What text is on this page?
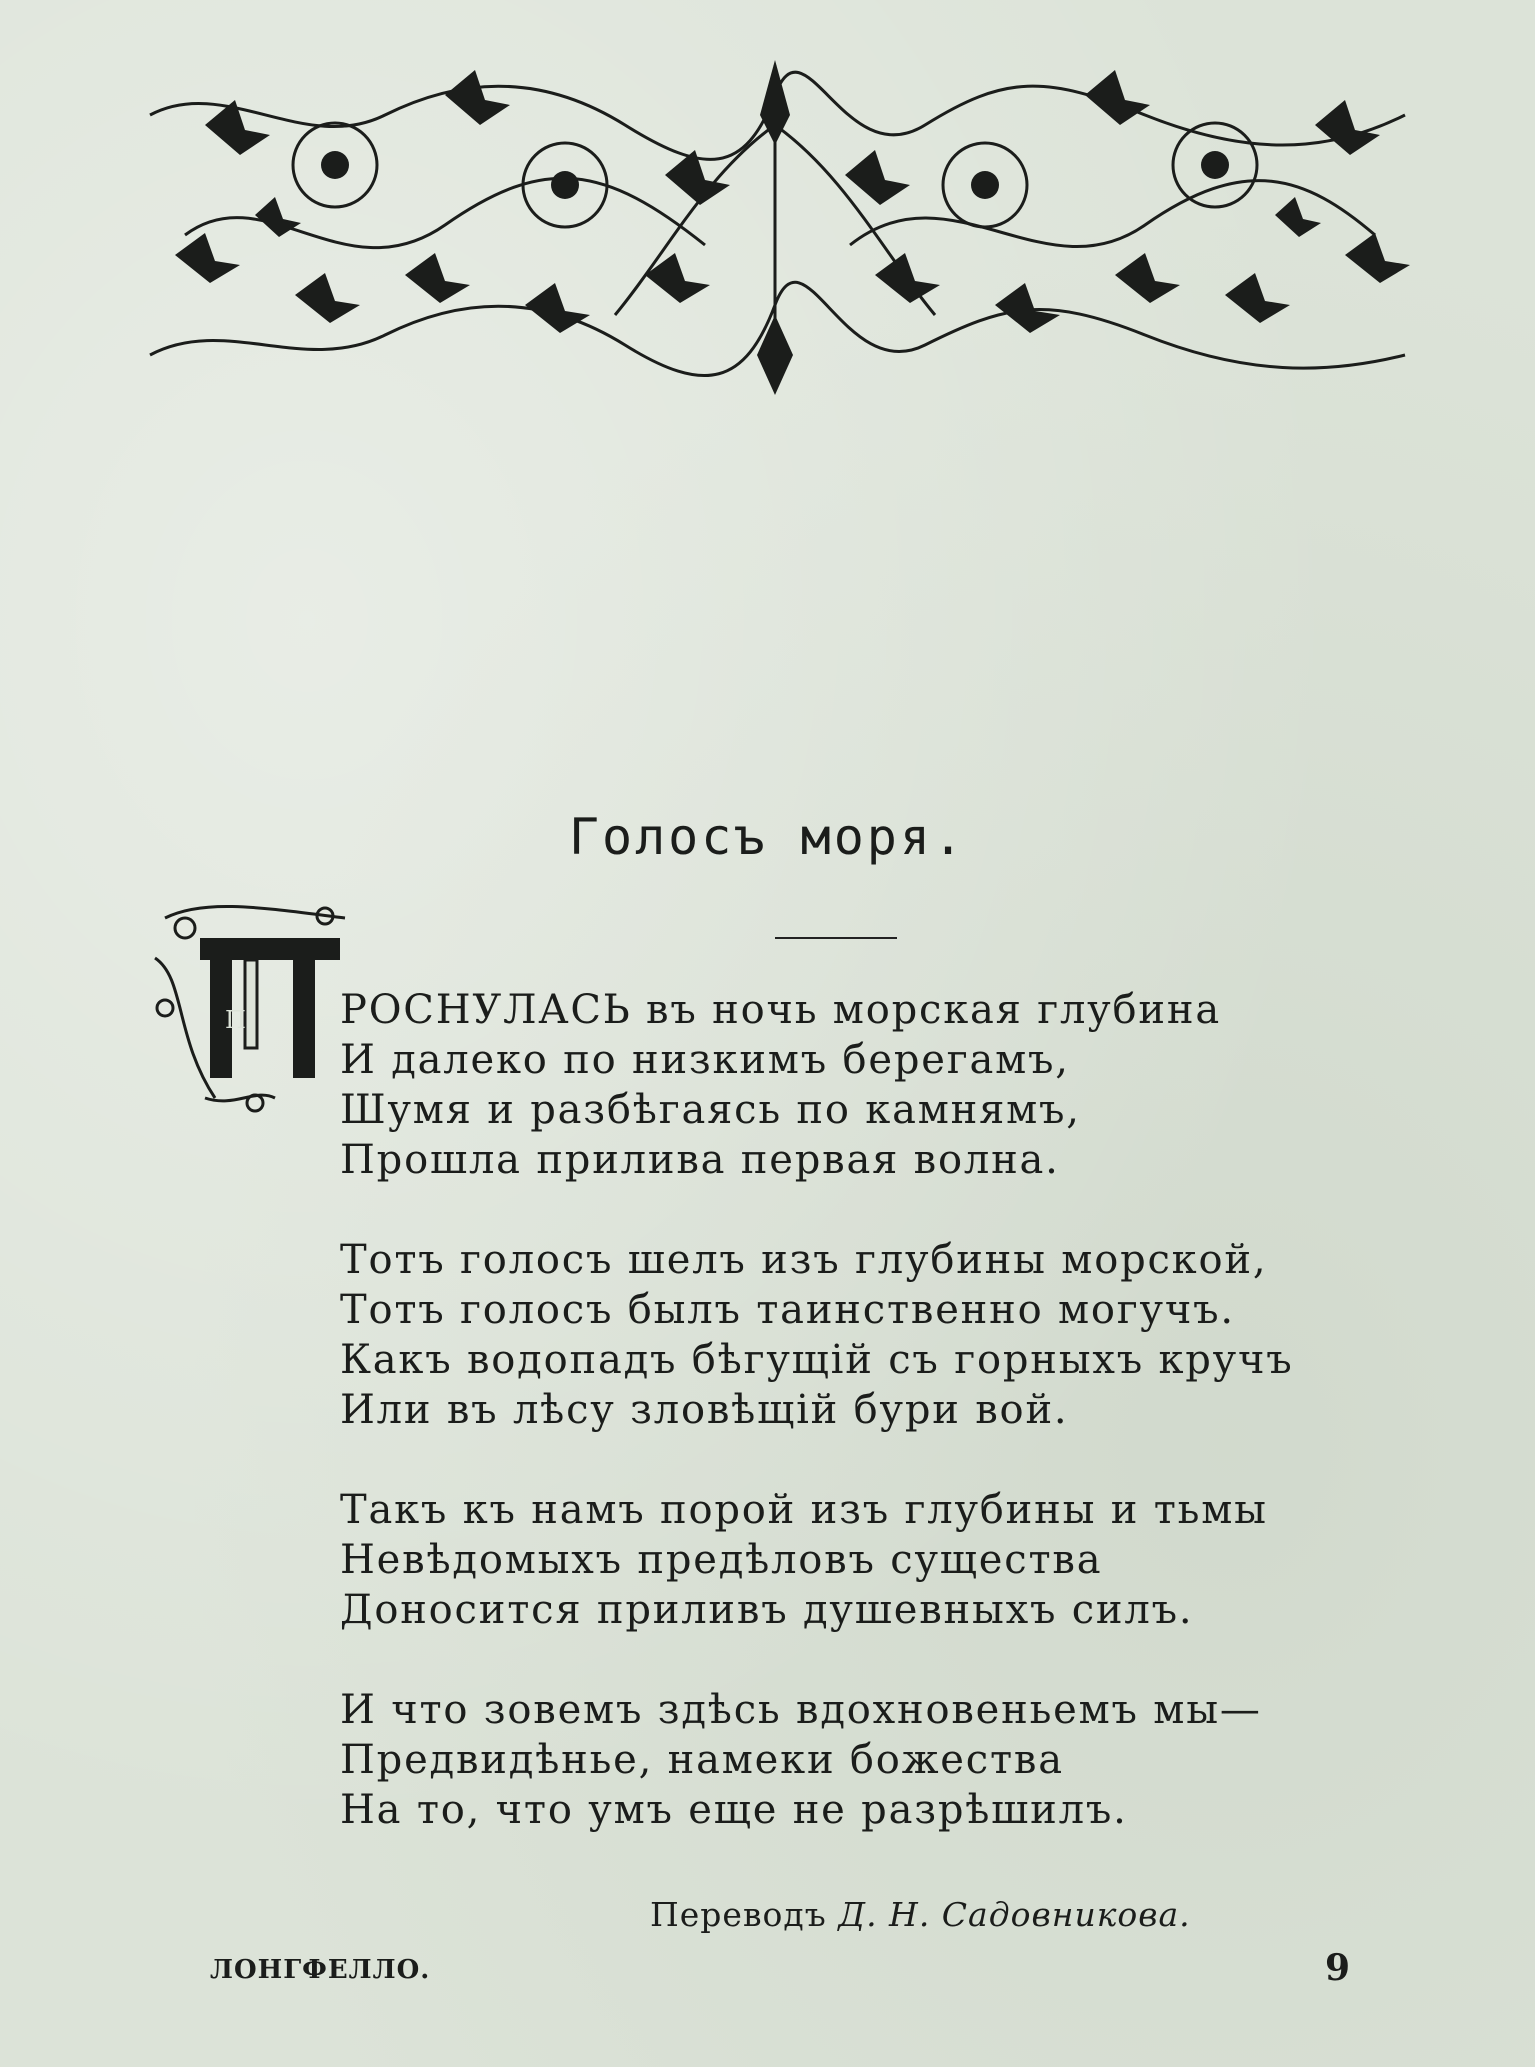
Голосъ моря.
П РОСНУЛАСЬ въ ночь морская глубина
И далеко по низкимъ берегамъ,
Шумя и разбѣгаясь по камнямъ,
Прошла прилива первая волна.
Тотъ голосъ шелъ изъ глубины морской,
Тотъ голосъ былъ таинственно могучъ.
Какъ водопадъ бѣгущій съ горныхъ кручъ
Или въ лѣсу зловѣщій бури вой.
Такъ къ намъ порой изъ глубины и тьмы
Невѣдомыхъ предѣловъ существа
Доносится приливъ душевныхъ силъ.
И что зовемъ здѣсь вдохновеньемъ мы—
Предвидѣнье, намеки божества
На то, что умъ еще не разрѣшилъ.
Переводъ Д. Н. Садовникова.
ЛОНГФЕЛЛО.	9
